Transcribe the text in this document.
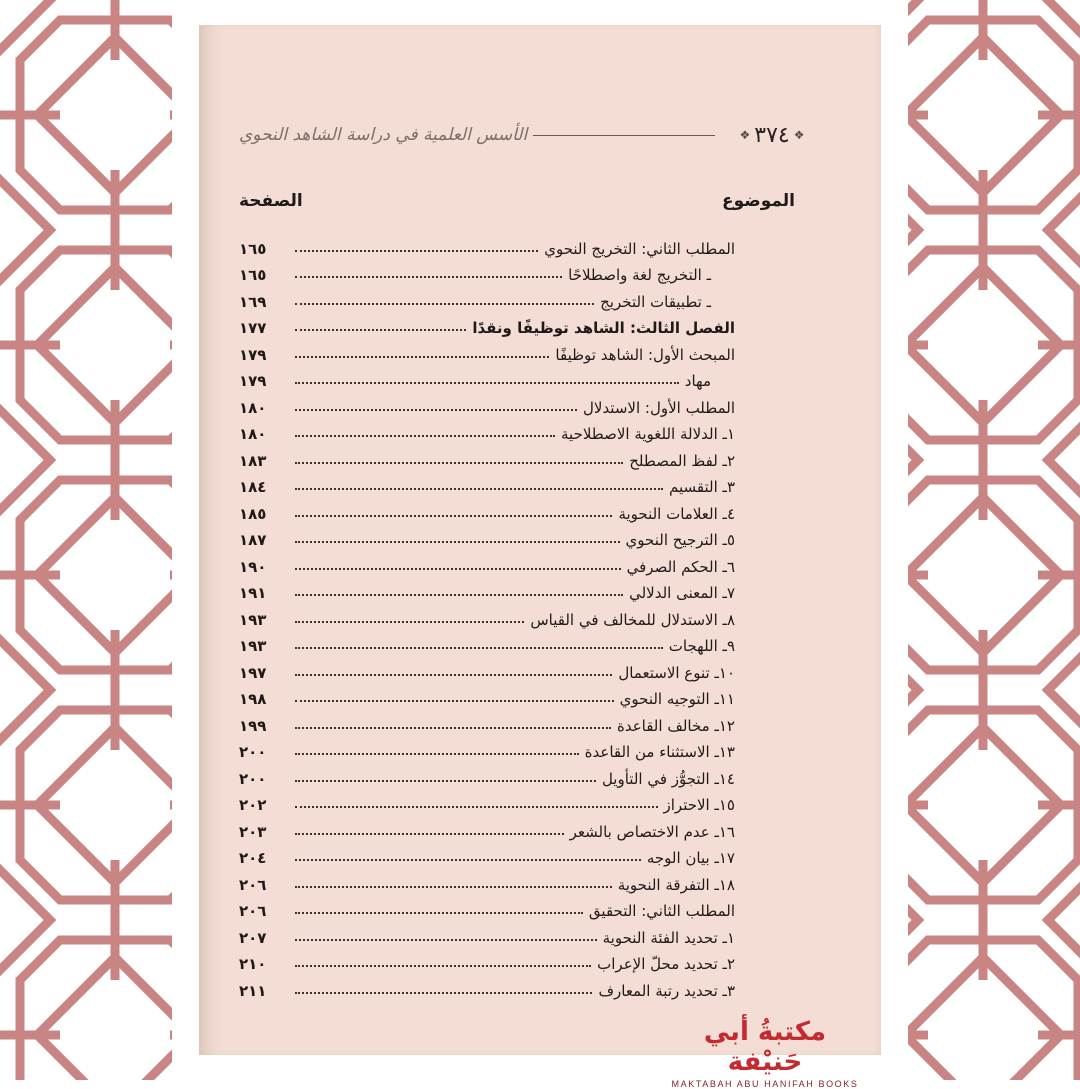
❖ ٣٧٤
❖
الأسس العلمية في دراسة الشاهد النحوي
الموضوع
الصفحة
المطلب الثاني: التخريج النحوي
١٦٥
ـ التخريج لغة واصطلاحًا
١٦٥
ـ تطبيقات التخريج
١٦٩
الفصل الثالث: الشاهد توظيفًا ونقدًا
١٧٧
المبحث الأول: الشاهد توظيفًا
١٧٩
مهاد
١٧٩
المطلب الأول: الاستدلال
١٨٠
١ـ الدلالة اللغوية الاصطلاحية
١٨٠
٢ـ لفظ المصطلح
١٨٣
٣ـ التقسيم
١٨٤
٤ـ العلامات النحوية
١٨٥
٥ـ الترجيح النحوي
١٨٧
٦ـ الحكم الصرفي
١٩٠
٧ـ المعنى الدلالي
١٩١
٨ـ الاستدلال للمخالف في القياس
١٩٣
٩ـ اللهجات
١٩٣
١٠ـ تنوع الاستعمال
١٩٧
١١ـ التوجيه النحوي
١٩٨
١٢ـ مخالف القاعدة
١٩٩
١٣ـ الاستثناء من القاعدة
٢٠٠
١٤ـ التجوُّز في التأويل
٢٠٠
١٥ـ الاحتراز
٢٠٢
١٦ـ عدم الاختصاص بالشعر
٢٠٣
١٧ـ بيان الوجه
٢٠٤
١٨ـ التفرقة النحوية
٢٠٦
المطلب الثاني: التحقيق
٢٠٦
١ـ تحديد الفئة النحوية
٢٠٧
٢ـ تحديد محلّ الإعراب
٢١٠
٣ـ تحديد رتبة المعارف
٢١١
مكتبةُ أبي حَنيْفة
MAKTABAH ABU HANIFAH BOOKS
